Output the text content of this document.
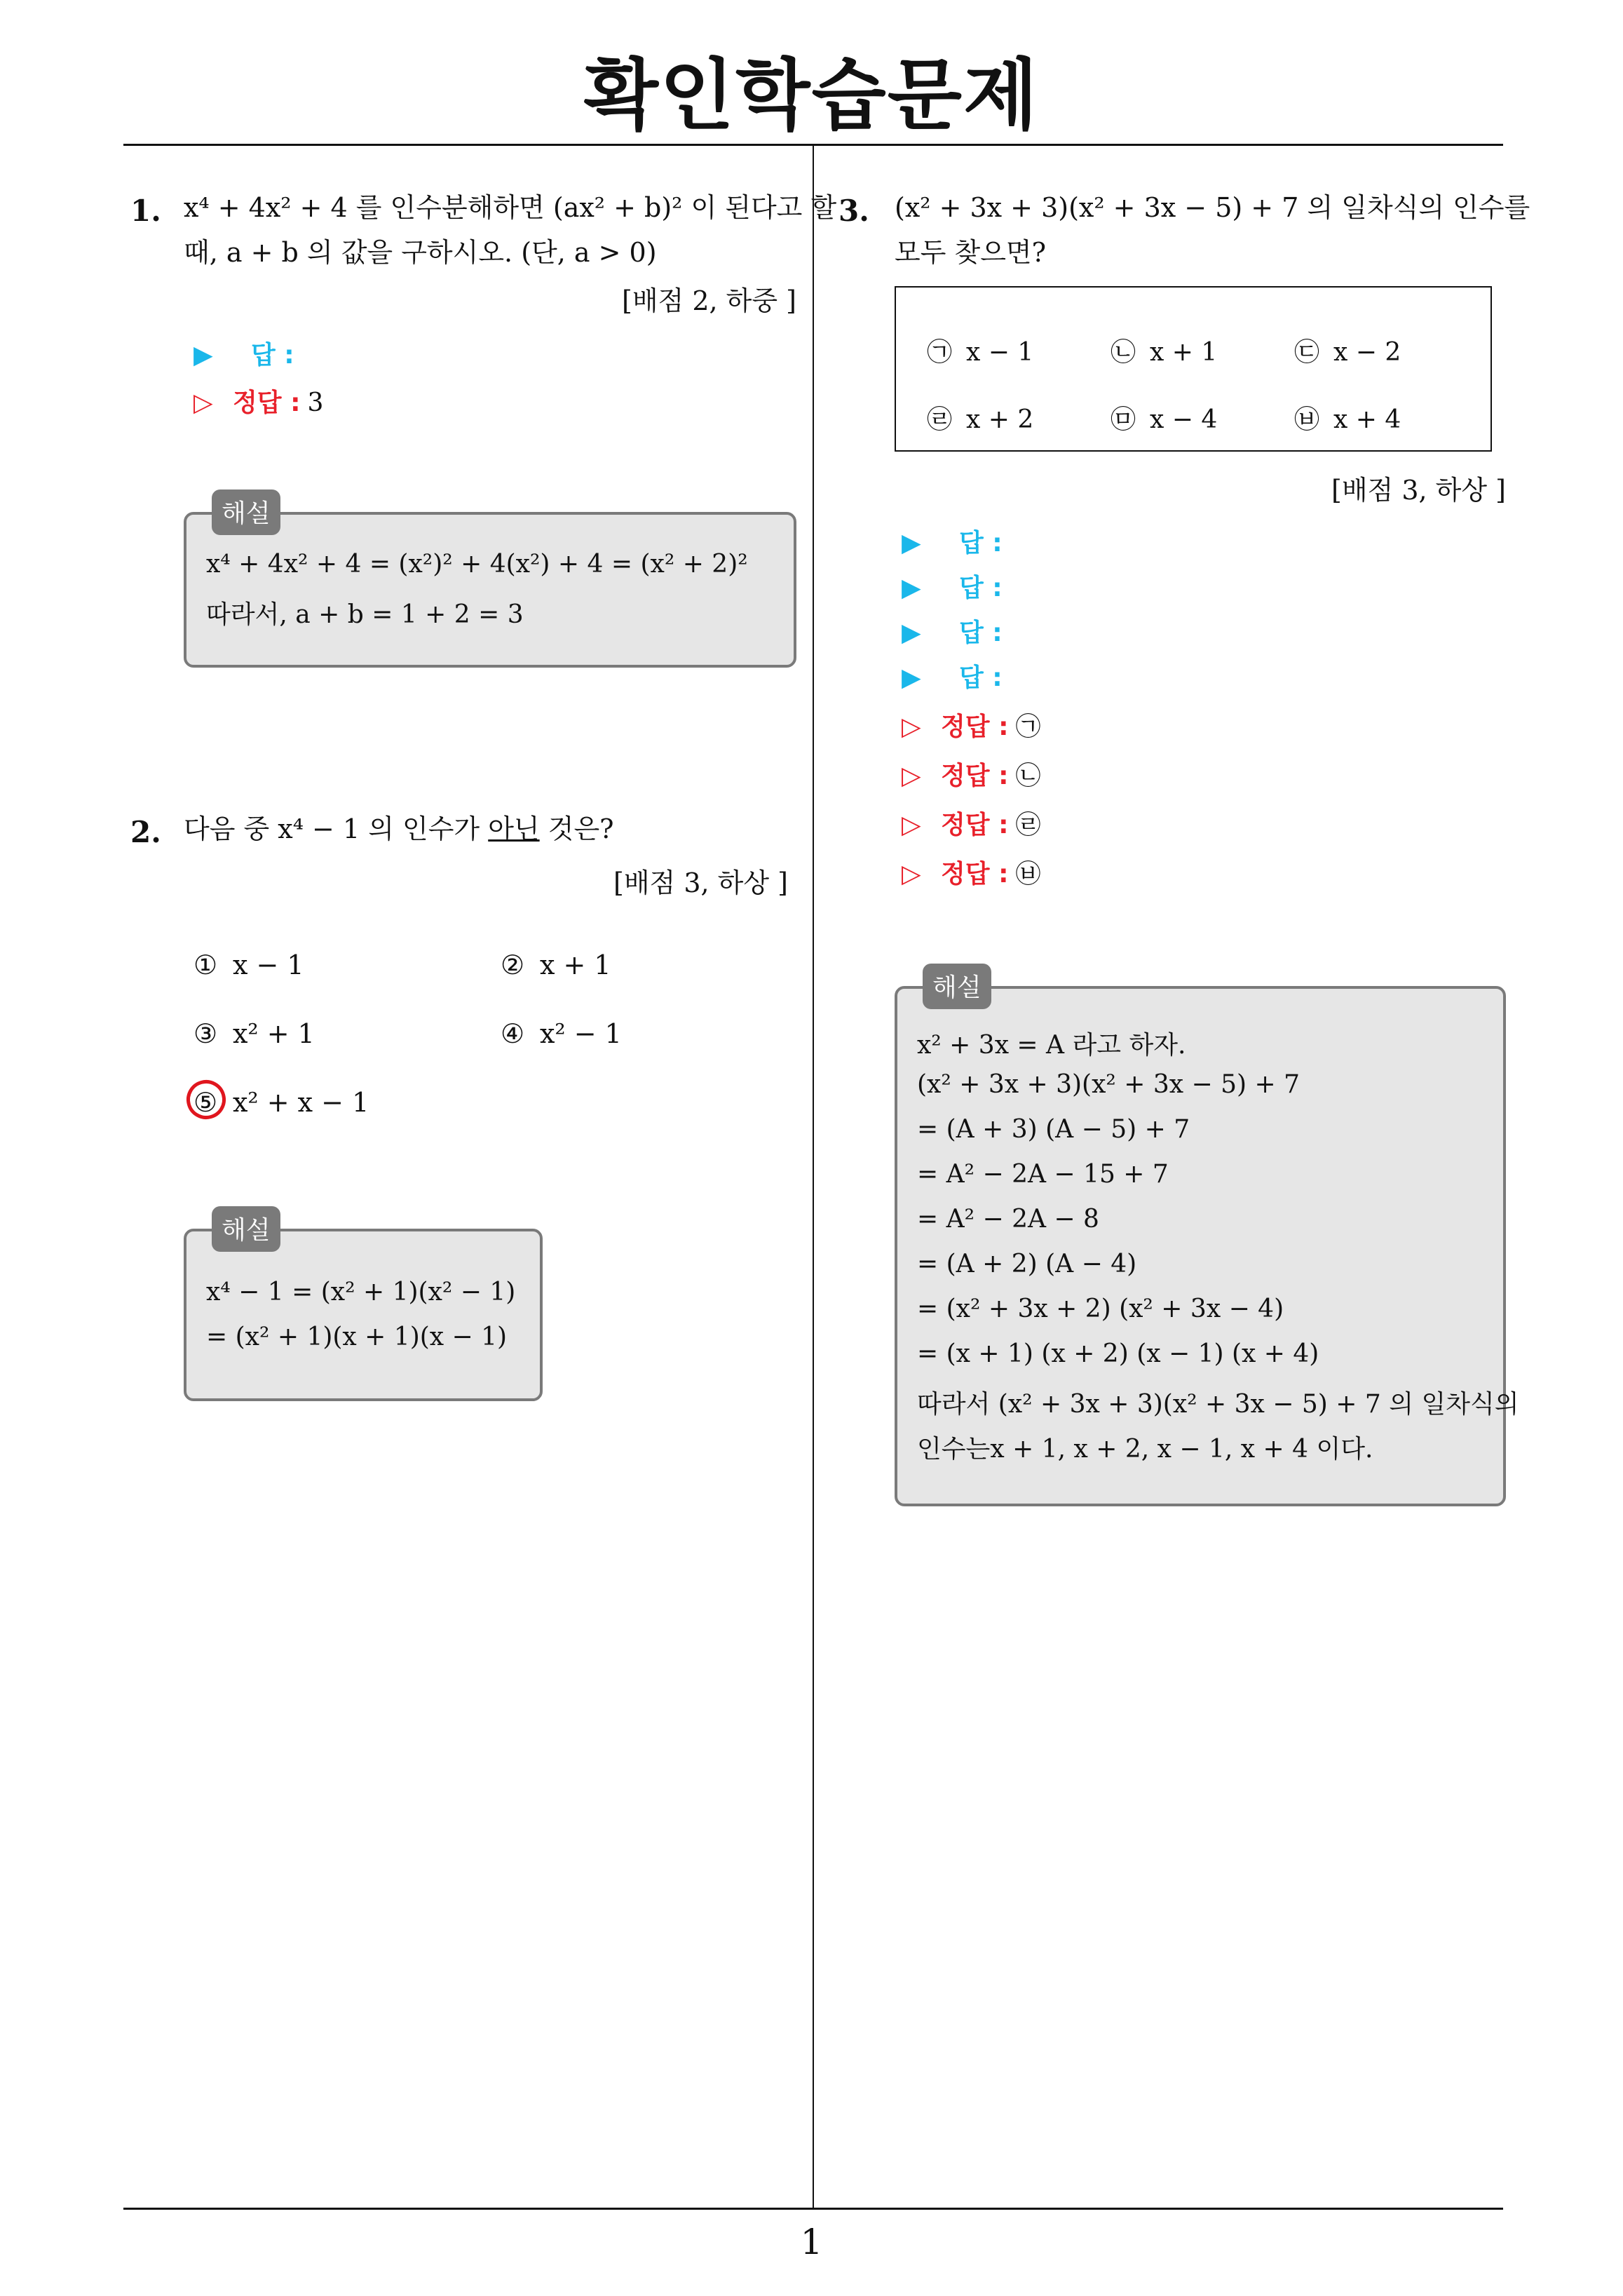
확인학습문제
1. x⁴ + 4x² + 4 를 인수분해하면 (ax² + b)² 이 된다고 할
때, a + b 의 값을 구하시오. (단, a > 0)
[배점 2, 하중 ]
▶ 답 :
▷ 정답 : 3
해설
x⁴ + 4x² + 4 = (x²)² + 4(x²) + 4 = (x² + 2)²
따라서, a + b = 1 + 2 = 3
2. 다음 중 x⁴ − 1 의 인수가 아닌 것은?
[배점 3, 하상 ]
① x − 1	② x + 1
③ x² + 1	④ x² − 1
⑤ x² + x − 1
해설
x⁴ − 1 = (x² + 1)(x² − 1)
= (x² + 1)(x + 1)(x − 1)
3. (x² + 3x + 3)(x² + 3x − 5) + 7 의 일차식의 인수를
모두 찾으면?
㉠ x − 1	㉡ x + 1	㉢ x − 2
㉣ x + 2	㉤ x − 4	㉥ x + 4
[배점 3, 하상 ]
▶ 답 :
▶ 답 :
▶ 답 :
▶ 답 :
▷ 정답 : ㉠
▷ 정답 : ㉡
▷ 정답 : ㉣
▷ 정답 : ㉥
해설
x² + 3x = A 라고 하자.
(x² + 3x + 3)(x² + 3x − 5) + 7
= (A + 3) (A − 5) + 7
= A² − 2A − 15 + 7
= A² − 2A − 8
= (A + 2) (A − 4)
= (x² + 3x + 2) (x² + 3x − 4)
= (x + 1) (x + 2) (x − 1) (x + 4)
따라서 (x² + 3x + 3)(x² + 3x − 5) + 7 의 일차식의
인수는x + 1, x + 2, x − 1, x + 4 이다.
1
